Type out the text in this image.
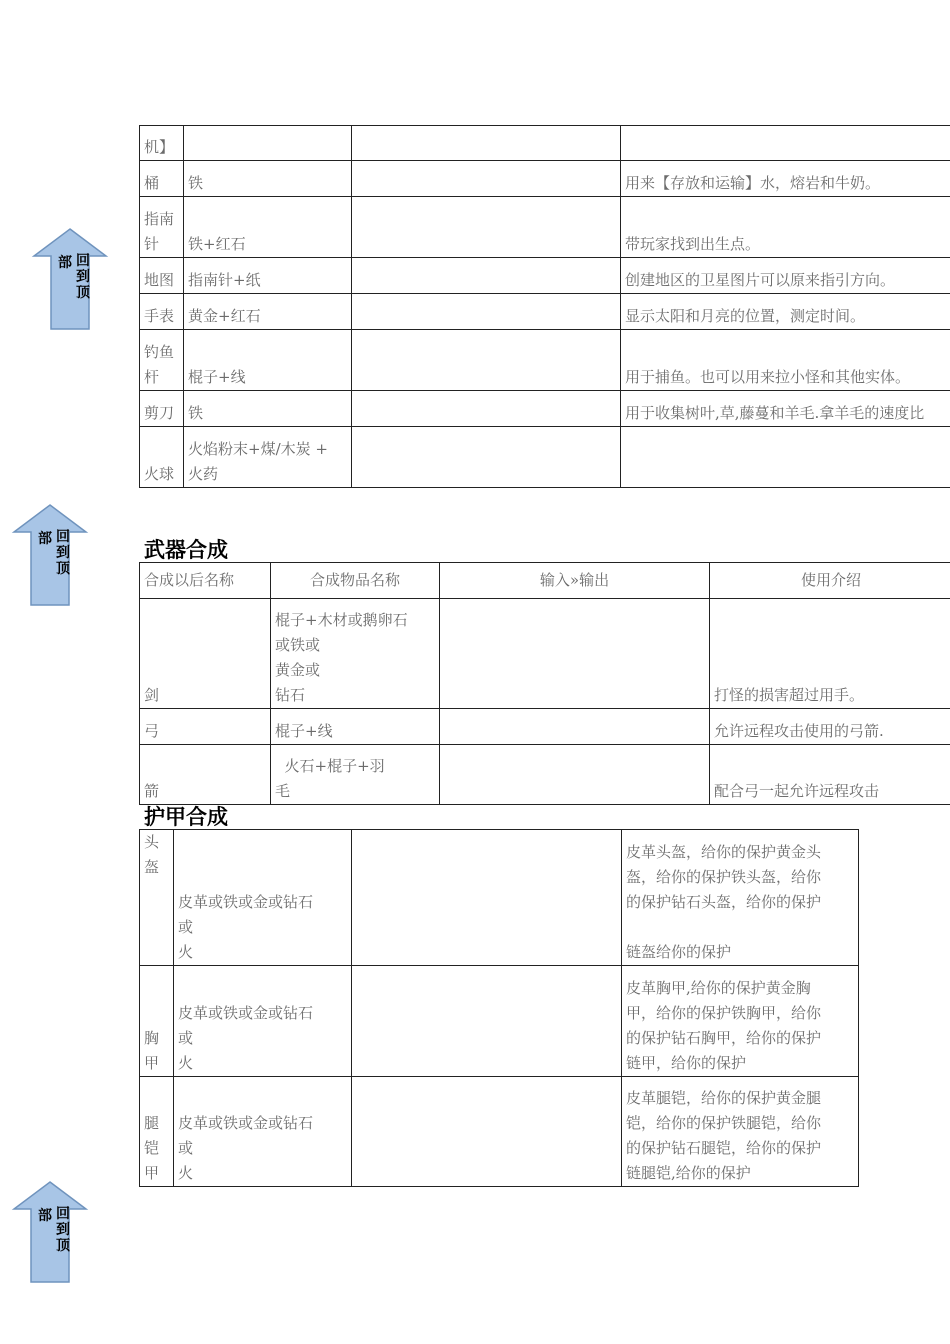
部 回
到
顶
部 回
到
顶
部 回
到
顶
机】			
桶	铁		用来【存放和运输】水，熔岩和牛奶。
指南
针	铁+红石		带玩家找到出生点。
地图	指南针+纸		创建地区的卫星图片可以原来指引方向。
手表	黄金+红石		显示太阳和月亮的位置，测定时间。
钓鱼
杆	棍子+线		用于捕鱼。也可以用来拉小怪和其他实体。
剪刀	铁		用于收集树叶,草,藤蔓和羊毛.拿羊毛的速度比
火球	火焰粉末+煤/木炭 +
火药		
武器合成
合成以后名称	合成物品名称	输入»输出	使用介绍
剑	棍子+木材或鹅卵石
或铁或
黄金或
钻石		打怪的损害超过用手。
弓	棍子+线		允许远程攻击使用的弓箭.
箭	火石+棍子+羽
毛		配合弓一起允许远程攻击
护甲合成
头
盔	皮革或铁或金或钻石
或
火		皮革头盔，给你的保护黄金头
盔，给你的保护铁头盔，给你
的保护钻石头盔，给你的保护

链盔给你的保护
胸
甲	皮革或铁或金或钻石
或
火		皮革胸甲,给你的保护黄金胸
甲，给你的保护铁胸甲，给你
的保护钻石胸甲，给你的保护
链甲，给你的保护
腿
铠
甲	皮革或铁或金或钻石
或
火		皮革腿铠，给你的保护黄金腿
铠，给你的保护铁腿铠，给你
的保护钻石腿铠，给你的保护
链腿铠,给你的保护
